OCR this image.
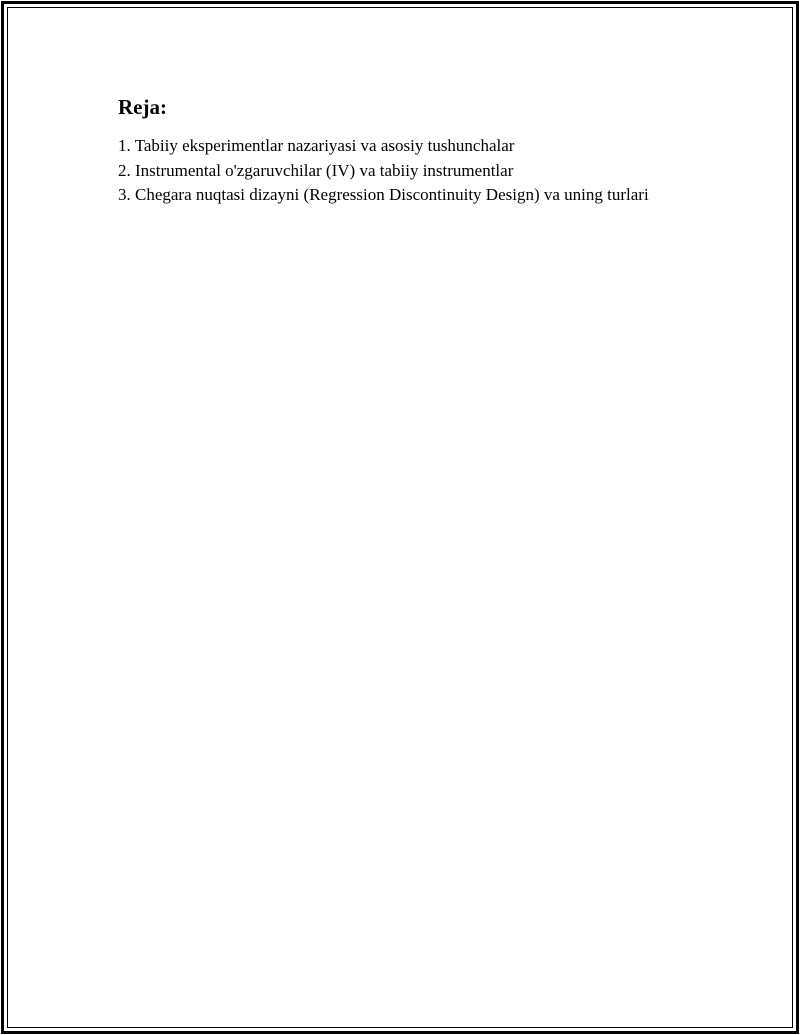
Reja:
1. Tabiiy eksperimentlar nazariyasi va asosiy tushunchalar
2. Instrumental o'zgaruvchilar (IV) va tabiiy instrumentlar
3. Chegara nuqtasi dizayni (Regression Discontinuity Design) va uning turlari
